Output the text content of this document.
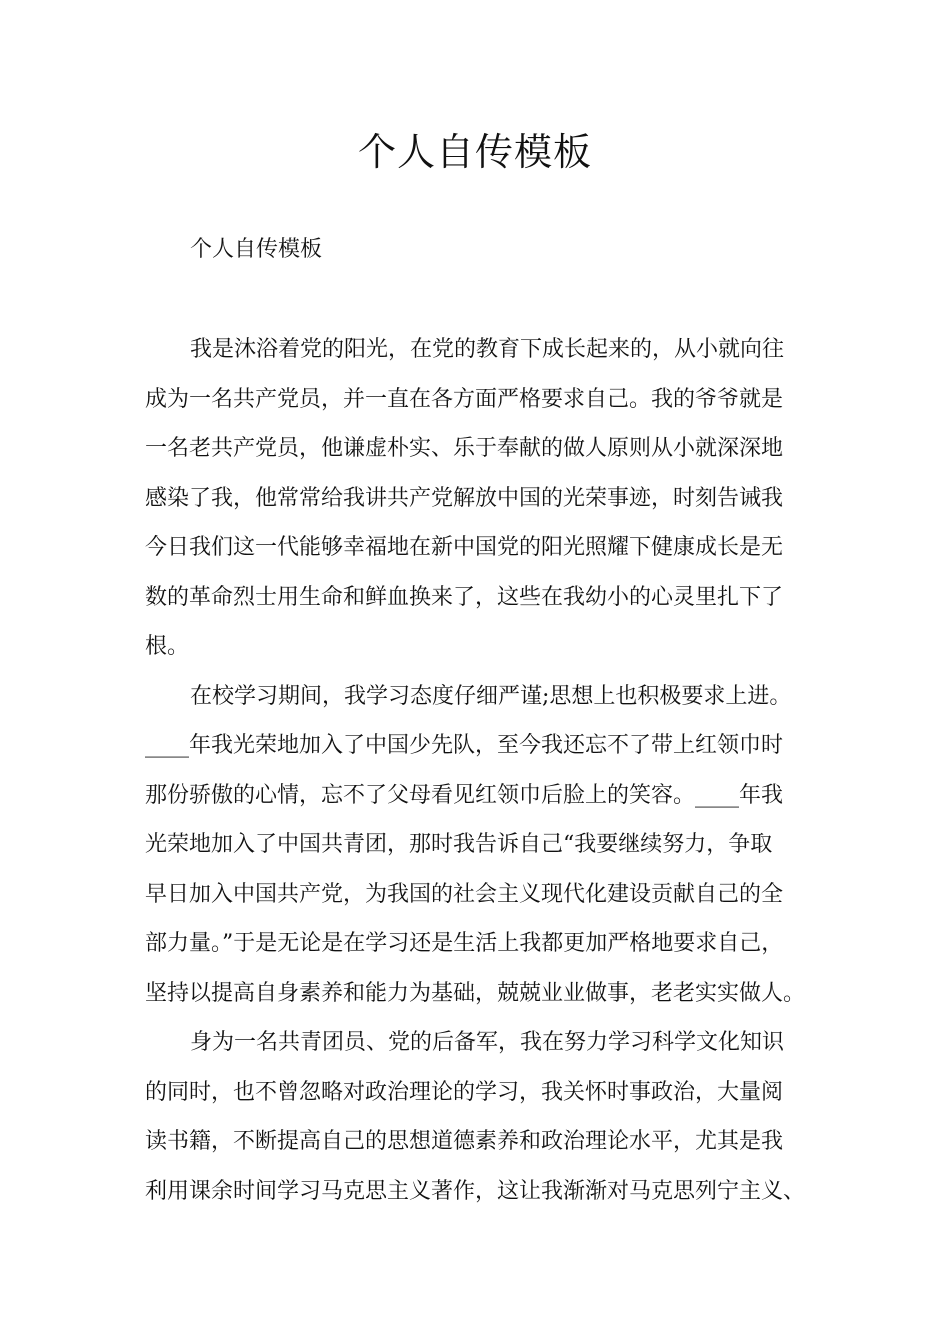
个人自传模板

个人自传模板

我是沐浴着党的阳光，在党的教育下成长起来的，从小就向往
成为一名共产党员，并一直在各方面严格要求自己。我的爷爷就是
一名老共产党员，他谦虚朴实、乐于奉献的做人原则从小就深深地
感染了我，他常常给我讲共产党解放中国的光荣事迹，时刻告诫我
今日我们这一代能够幸福地在新中国党的阳光照耀下健康成长是无
数的革命烈士用生命和鲜血换来了，这些在我幼小的心灵里扎下了
根。
在校学习期间，我学习态度仔细严谨;思想上也积极要求上进。
____年我光荣地加入了中国少先队，至今我还忘不了带上红领巾时
那份骄傲的心情，忘不了父母看见红领巾后脸上的笑容。____年我
光荣地加入了中国共青团，那时我告诉自己“我要继续努力，争取
早日加入中国共产党，为我国的社会主义现代化建设贡献自己的全
部力量。”于是无论是在学习还是生活上我都更加严格地要求自己，
坚持以提高自身素养和能力为基础，兢兢业业做事，老老实实做人。
身为一名共青团员、党的后备军，我在努力学习科学文化知识
的同时，也不曾忽略对政治理论的学习，我关怀时事政治，大量阅
读书籍，不断提高自己的思想道德素养和政治理论水平，尤其是我
利用课余时间学习马克思主义著作，这让我渐渐对马克思列宁主义、
